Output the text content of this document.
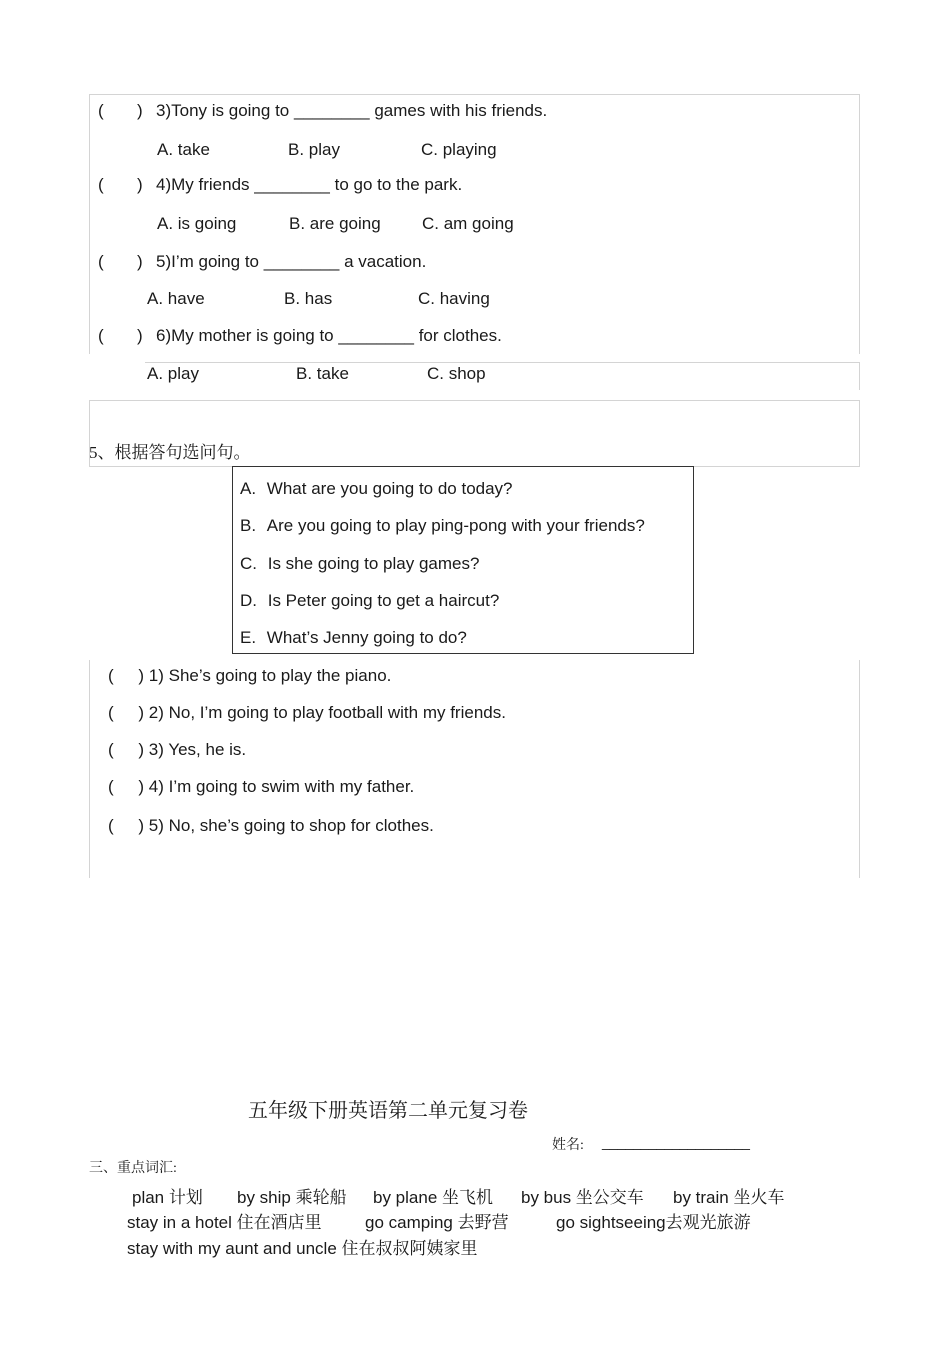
( ) 3)Tony is going to ________ games with his friends.
A. take	B. play	C. playing
( ) 4)My friends ________ to go to the park.
A. is going	B. are going C. am going
( ) 5)I’m going to ________ a vacation.
A. have	B. has	C. having
( ) 6)My mother is going to ________ for clothes.
A. play	B. take	C. shop
5、根据答句选问句。
A. What are you going to do today?
B. Are you going to play ping-pong with your friends?
C. Is she going to play games?
D. Is Peter going to get a haircut?
E. What’s Jenny going to do?
( ) 1) She’s going to play the piano.
( ) 2) No, I’m going to play football with my friends.
( ) 3) Yes, he is.
( ) 4) I’m going to swim with my father.
( ) 5) No, she’s going to shop for clothes.
五年级下册英语第二单元复习卷
姓名: ___________________
三、重点词汇:
plan 计划 by ship 乘轮船 by plane 坐飞机 by bus 坐公交车 by train 坐火车
stay in a hotel 住在酒店里	go camping 去野营	go sightseeing去观光旅游
stay with my aunt and uncle 住在叔叔阿姨家里
